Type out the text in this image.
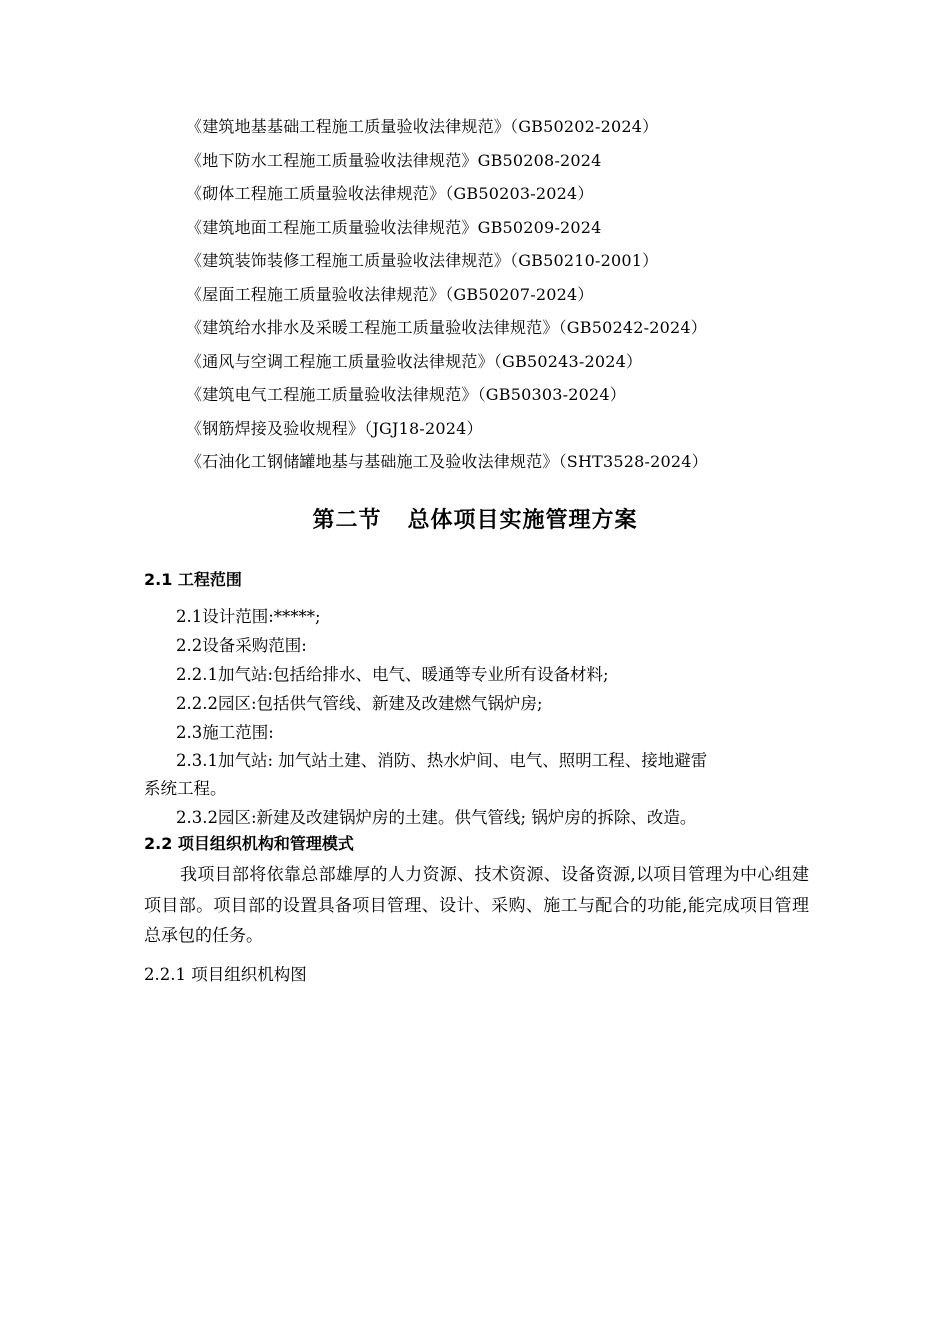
《建筑地基基础工程施工质量验收法律规范》（GB50202-2024）
《地下防水工程施工质量验收法律规范》GB50208-2024
《砌体工程施工质量验收法律规范》（GB50203-2024）
《建筑地面工程施工质量验收法律规范》GB50209-2024
《建筑装饰装修工程施工质量验收法律规范》（GB50210-2001）
《屋面工程施工质量验收法律规范》（GB50207-2024）
《建筑给水排水及采暖工程施工质量验收法律规范》（GB50242-2024）
《通风与空调工程施工质量验收法律规范》（GB50243-2024）
《建筑电气工程施工质量验收法律规范》（GB50303-2024）
《钢筋焊接及验收规程》（JGJ18-2024）
《石油化工钢储罐地基与基础施工及验收法律规范》（SHT3528-2024）
第二节 总体项目实施管理方案
2.1 工程范围
2.1设计范围:*****;
2.2设备采购范围:
2.2.1加气站:包括给排水、电气、暖通等专业所有设备材料;
2.2.2园区:包括供气管线、新建及改建燃气锅炉房;
2.3施工范围:
2.3.1加气站: 加气站土建、消防、热水炉间、电气、照明工程、接地避雷
系统工程。
2.3.2园区:新建及改建锅炉房的土建。供气管线; 锅炉房的拆除、改造。
2.2 项目组织机构和管理模式
我项目部将依靠总部雄厚的人力资源、技术资源、设备资源,以项目管理为中心组建项目部。项目部的设置具备项目管理、设计、采购、施工与配合的功能,能完成项目管理总承包的任务。
2.2.1 项目组织机构图
